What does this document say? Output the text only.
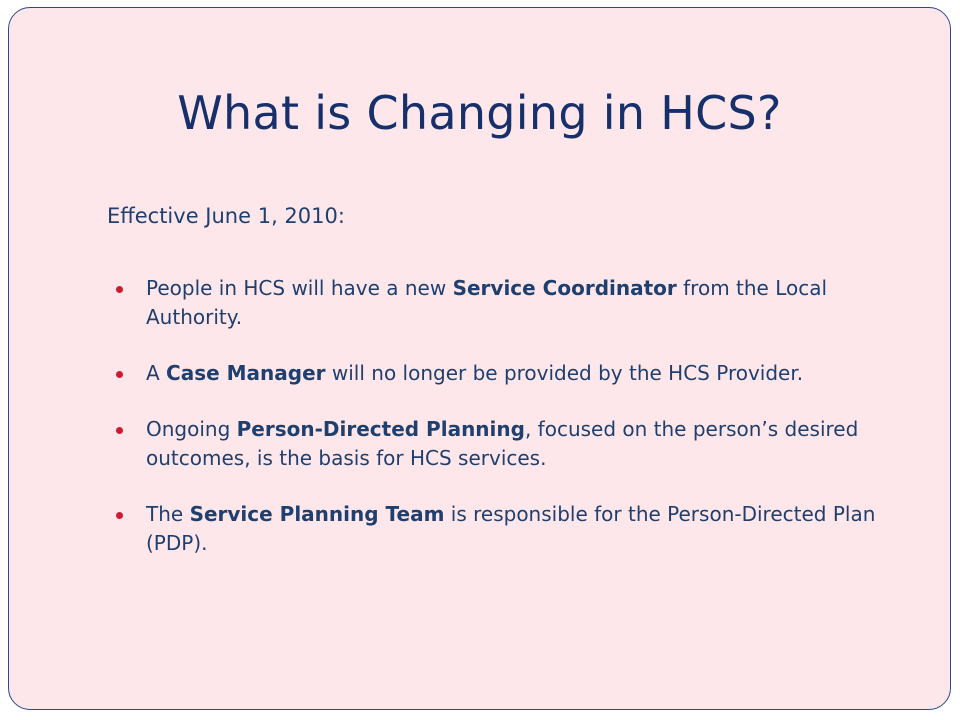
What is Changing in HCS?
Effective June 1, 2010:
People in HCS will have a new Service Coordinator from the Local Authority.
A Case Manager will no longer be provided by the HCS Provider.
Ongoing Person-Directed Planning, focused on the person’s desired outcomes, is the basis for HCS services.
The Service Planning Team is responsible for the Person-Directed Plan (PDP).
